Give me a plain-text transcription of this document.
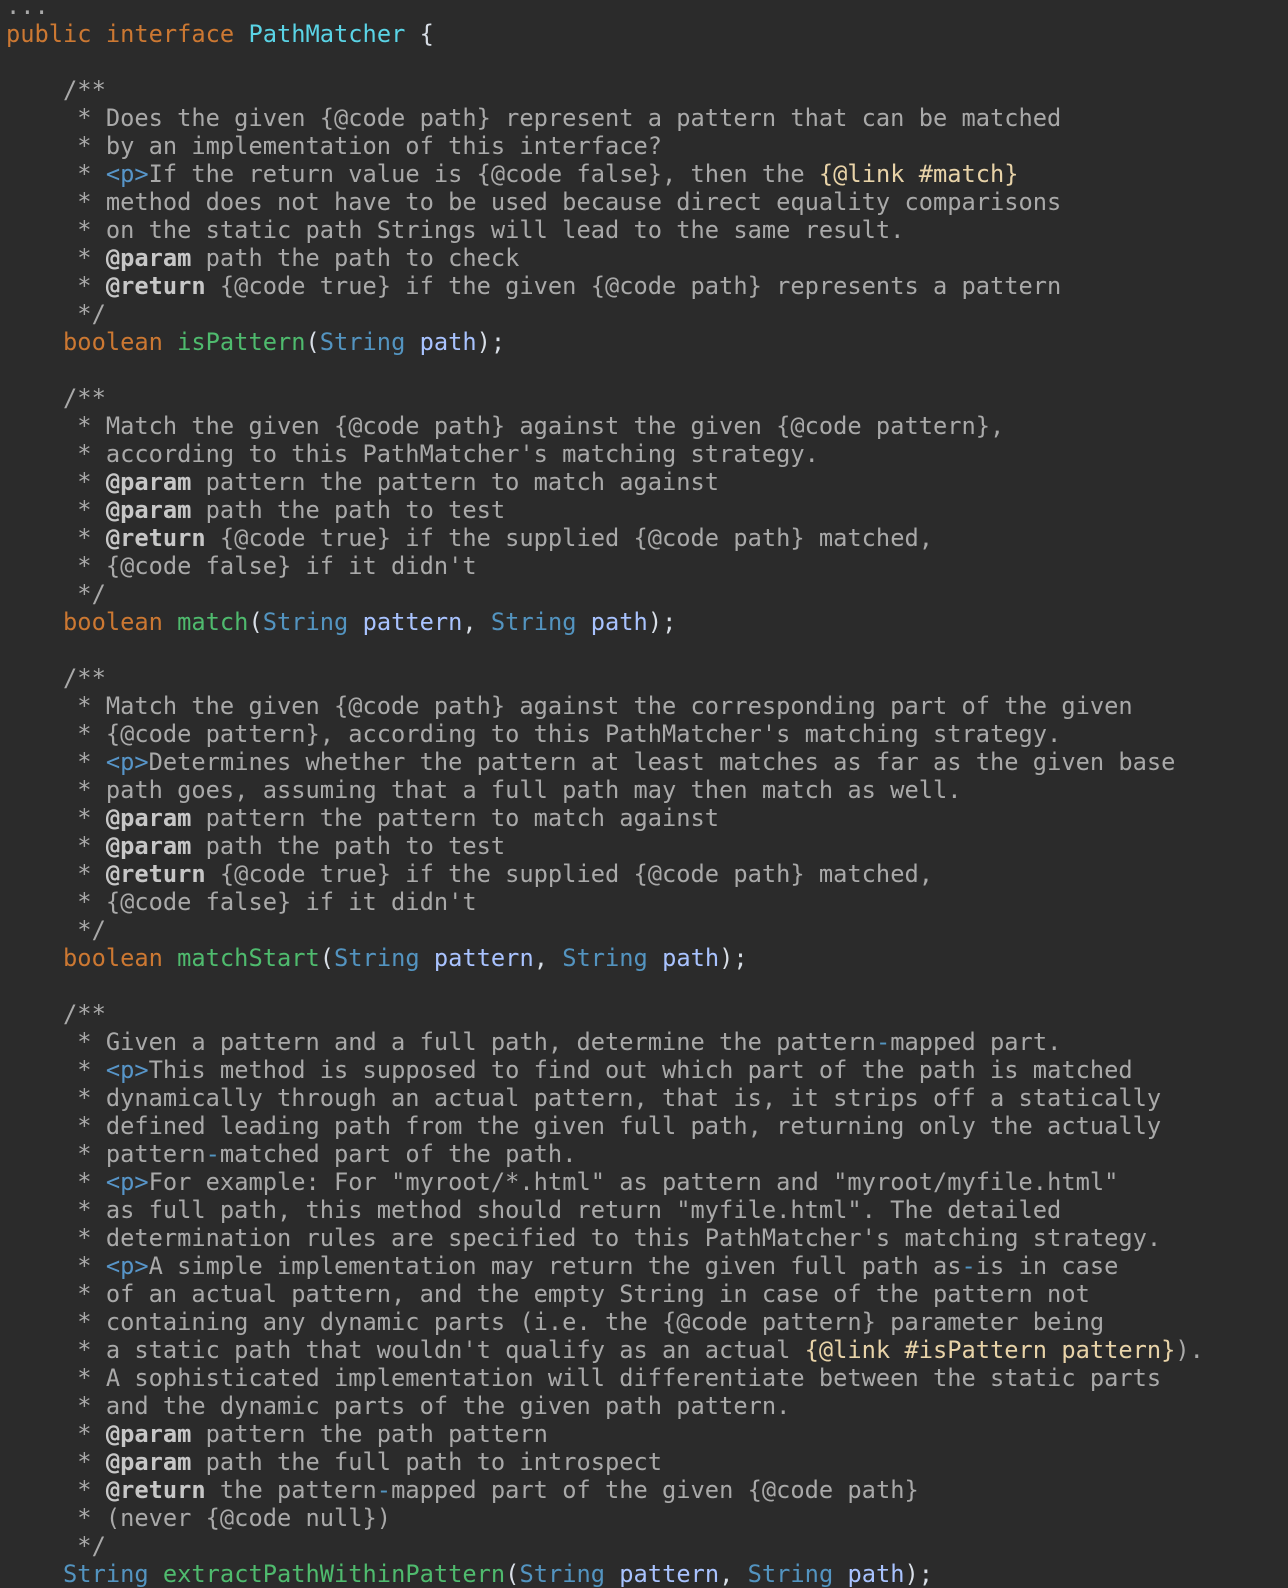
...
public interface PathMatcher {

/**
* Does the given {@code path} represent a pattern that can be matched
* by an implementation of this interface?
* <p>If the return value is {@code false}, then the {@link #match}
* method does not have to be used because direct equality comparisons
* on the static path Strings will lead to the same result.
* @param path the path to check
* @return {@code true} if the given {@code path} represents a pattern
*/
boolean isPattern(String path);

/**
* Match the given {@code path} against the given {@code pattern},
* according to this PathMatcher's matching strategy.
* @param pattern the pattern to match against
* @param path the path to test
* @return {@code true} if the supplied {@code path} matched,
* {@code false} if it didn't
*/
boolean match(String pattern, String path);

/**
* Match the given {@code path} against the corresponding part of the given
* {@code pattern}, according to this PathMatcher's matching strategy.
* <p>Determines whether the pattern at least matches as far as the given base
* path goes, assuming that a full path may then match as well.
* @param pattern the pattern to match against
* @param path the path to test
* @return {@code true} if the supplied {@code path} matched,
* {@code false} if it didn't
*/
boolean matchStart(String pattern, String path);

/**
* Given a pattern and a full path, determine the pattern-mapped part.
* <p>This method is supposed to find out which part of the path is matched
* dynamically through an actual pattern, that is, it strips off a statically
* defined leading path from the given full path, returning only the actually
* pattern-matched part of the path.
* <p>For example: For "myroot/*.html" as pattern and "myroot/myfile.html"
* as full path, this method should return "myfile.html". The detailed
* determination rules are specified to this PathMatcher's matching strategy.
* <p>A simple implementation may return the given full path as-is in case
* of an actual pattern, and the empty String in case of the pattern not
* containing any dynamic parts (i.e. the {@code pattern} parameter being
* a static path that wouldn't qualify as an actual {@link #isPattern pattern}).
* A sophisticated implementation will differentiate between the static parts
* and the dynamic parts of the given path pattern.
* @param pattern the path pattern
* @param path the full path to introspect
* @return the pattern-mapped part of the given {@code path}
* (never {@code null})
*/
String extractPathWithinPattern(String pattern, String path);
